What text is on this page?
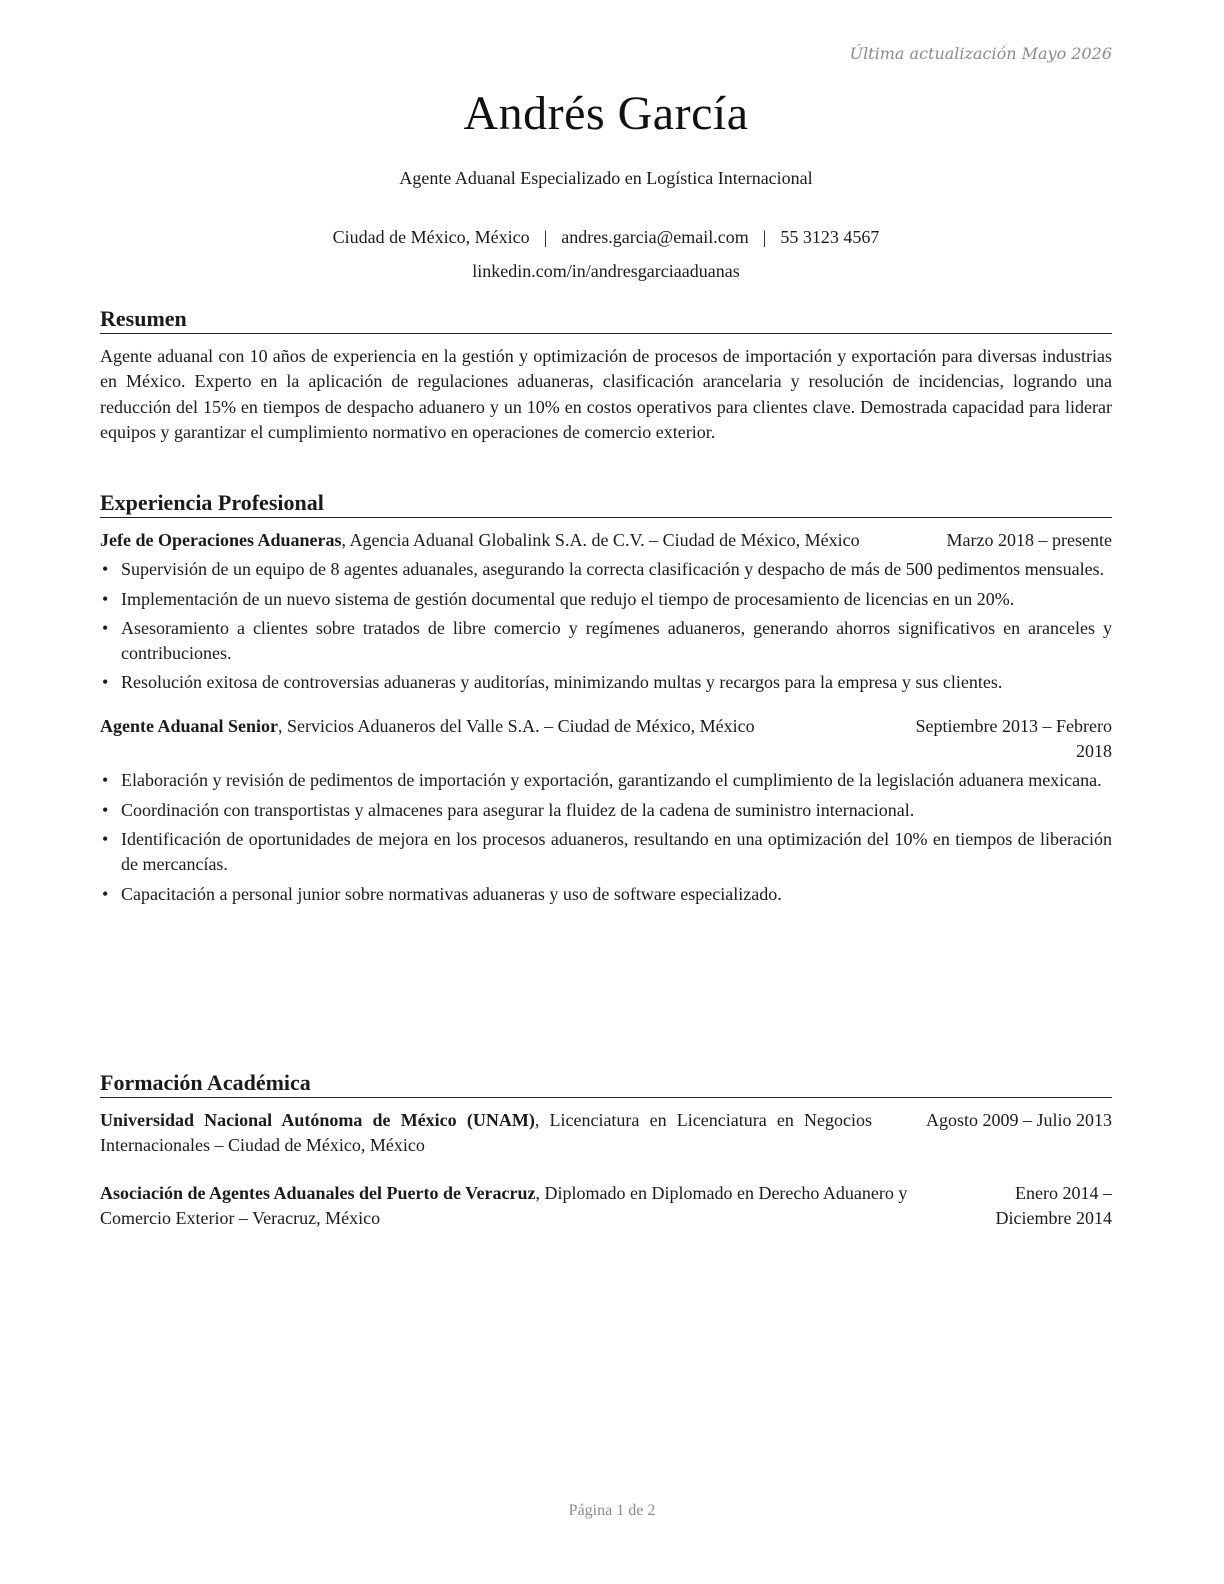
Última actualización Mayo 2026
Andrés García
Agente Aduanal Especializado en Logística Internacional
Ciudad de México, México | andres.garcia@email.com | 55 3123 4567
linkedin.com/in/andresgarciaaduanas
Resumen
Agente aduanal con 10 años de experiencia en la gestión y optimización de procesos de importación y exportación para diversas industrias en México. Experto en la aplicación de regulaciones aduaneras, clasificación arancelaria y resolución de incidencias, logrando una reducción del 15% en tiempos de despacho aduanero y un 10% en costos operativos para clientes clave. Demostrada capacidad para liderar equipos y garantizar el cumplimiento normativo en operaciones de comercio exterior.
Experiencia Profesional
Jefe de Operaciones Aduaneras, Agencia Aduanal Globalink S.A. de C.V. – Ciudad de México, México	Marzo 2018 – presente
• Supervisión de un equipo de 8 agentes aduanales, asegurando la correcta clasificación y despacho de más de 500 pedimentos mensuales.
• Implementación de un nuevo sistema de gestión documental que redujo el tiempo de procesamiento de licencias en un 20%.
• Asesoramiento a clientes sobre tratados de libre comercio y regímenes aduaneros, generando ahorros significativos en aranceles y contribuciones.
• Resolución exitosa de controversias aduaneras y auditorías, minimizando multas y recargos para la empresa y sus clientes.
Agente Aduanal Senior, Servicios Aduaneros del Valle S.A. – Ciudad de México, México	Septiembre 2013 – Febrero 2018
• Elaboración y revisión de pedimentos de importación y exportación, garantizando el cumplimiento de la legislación aduanera mexicana.
• Coordinación con transportistas y almacenes para asegurar la fluidez de la cadena de suministro internacional.
• Identificación de oportunidades de mejora en los procesos aduaneros, resultando en una optimización del 10% en tiempos de liberación de mercancías.
• Capacitación a personal junior sobre normativas aduaneras y uso de software especializado.
Formación Académica
Universidad Nacional Autónoma de México (UNAM), Licenciatura en Licenciatura en Negocios Internacionales – Ciudad de México, México
Agosto 2009 – Julio 2013
Asociación de Agentes Aduanales del Puerto de Veracruz, Diplomado en Diplomado en Derecho Aduanero y Comercio Exterior – Veracruz, México
Enero 2014 – Diciembre 2014
Página 1 de 2
